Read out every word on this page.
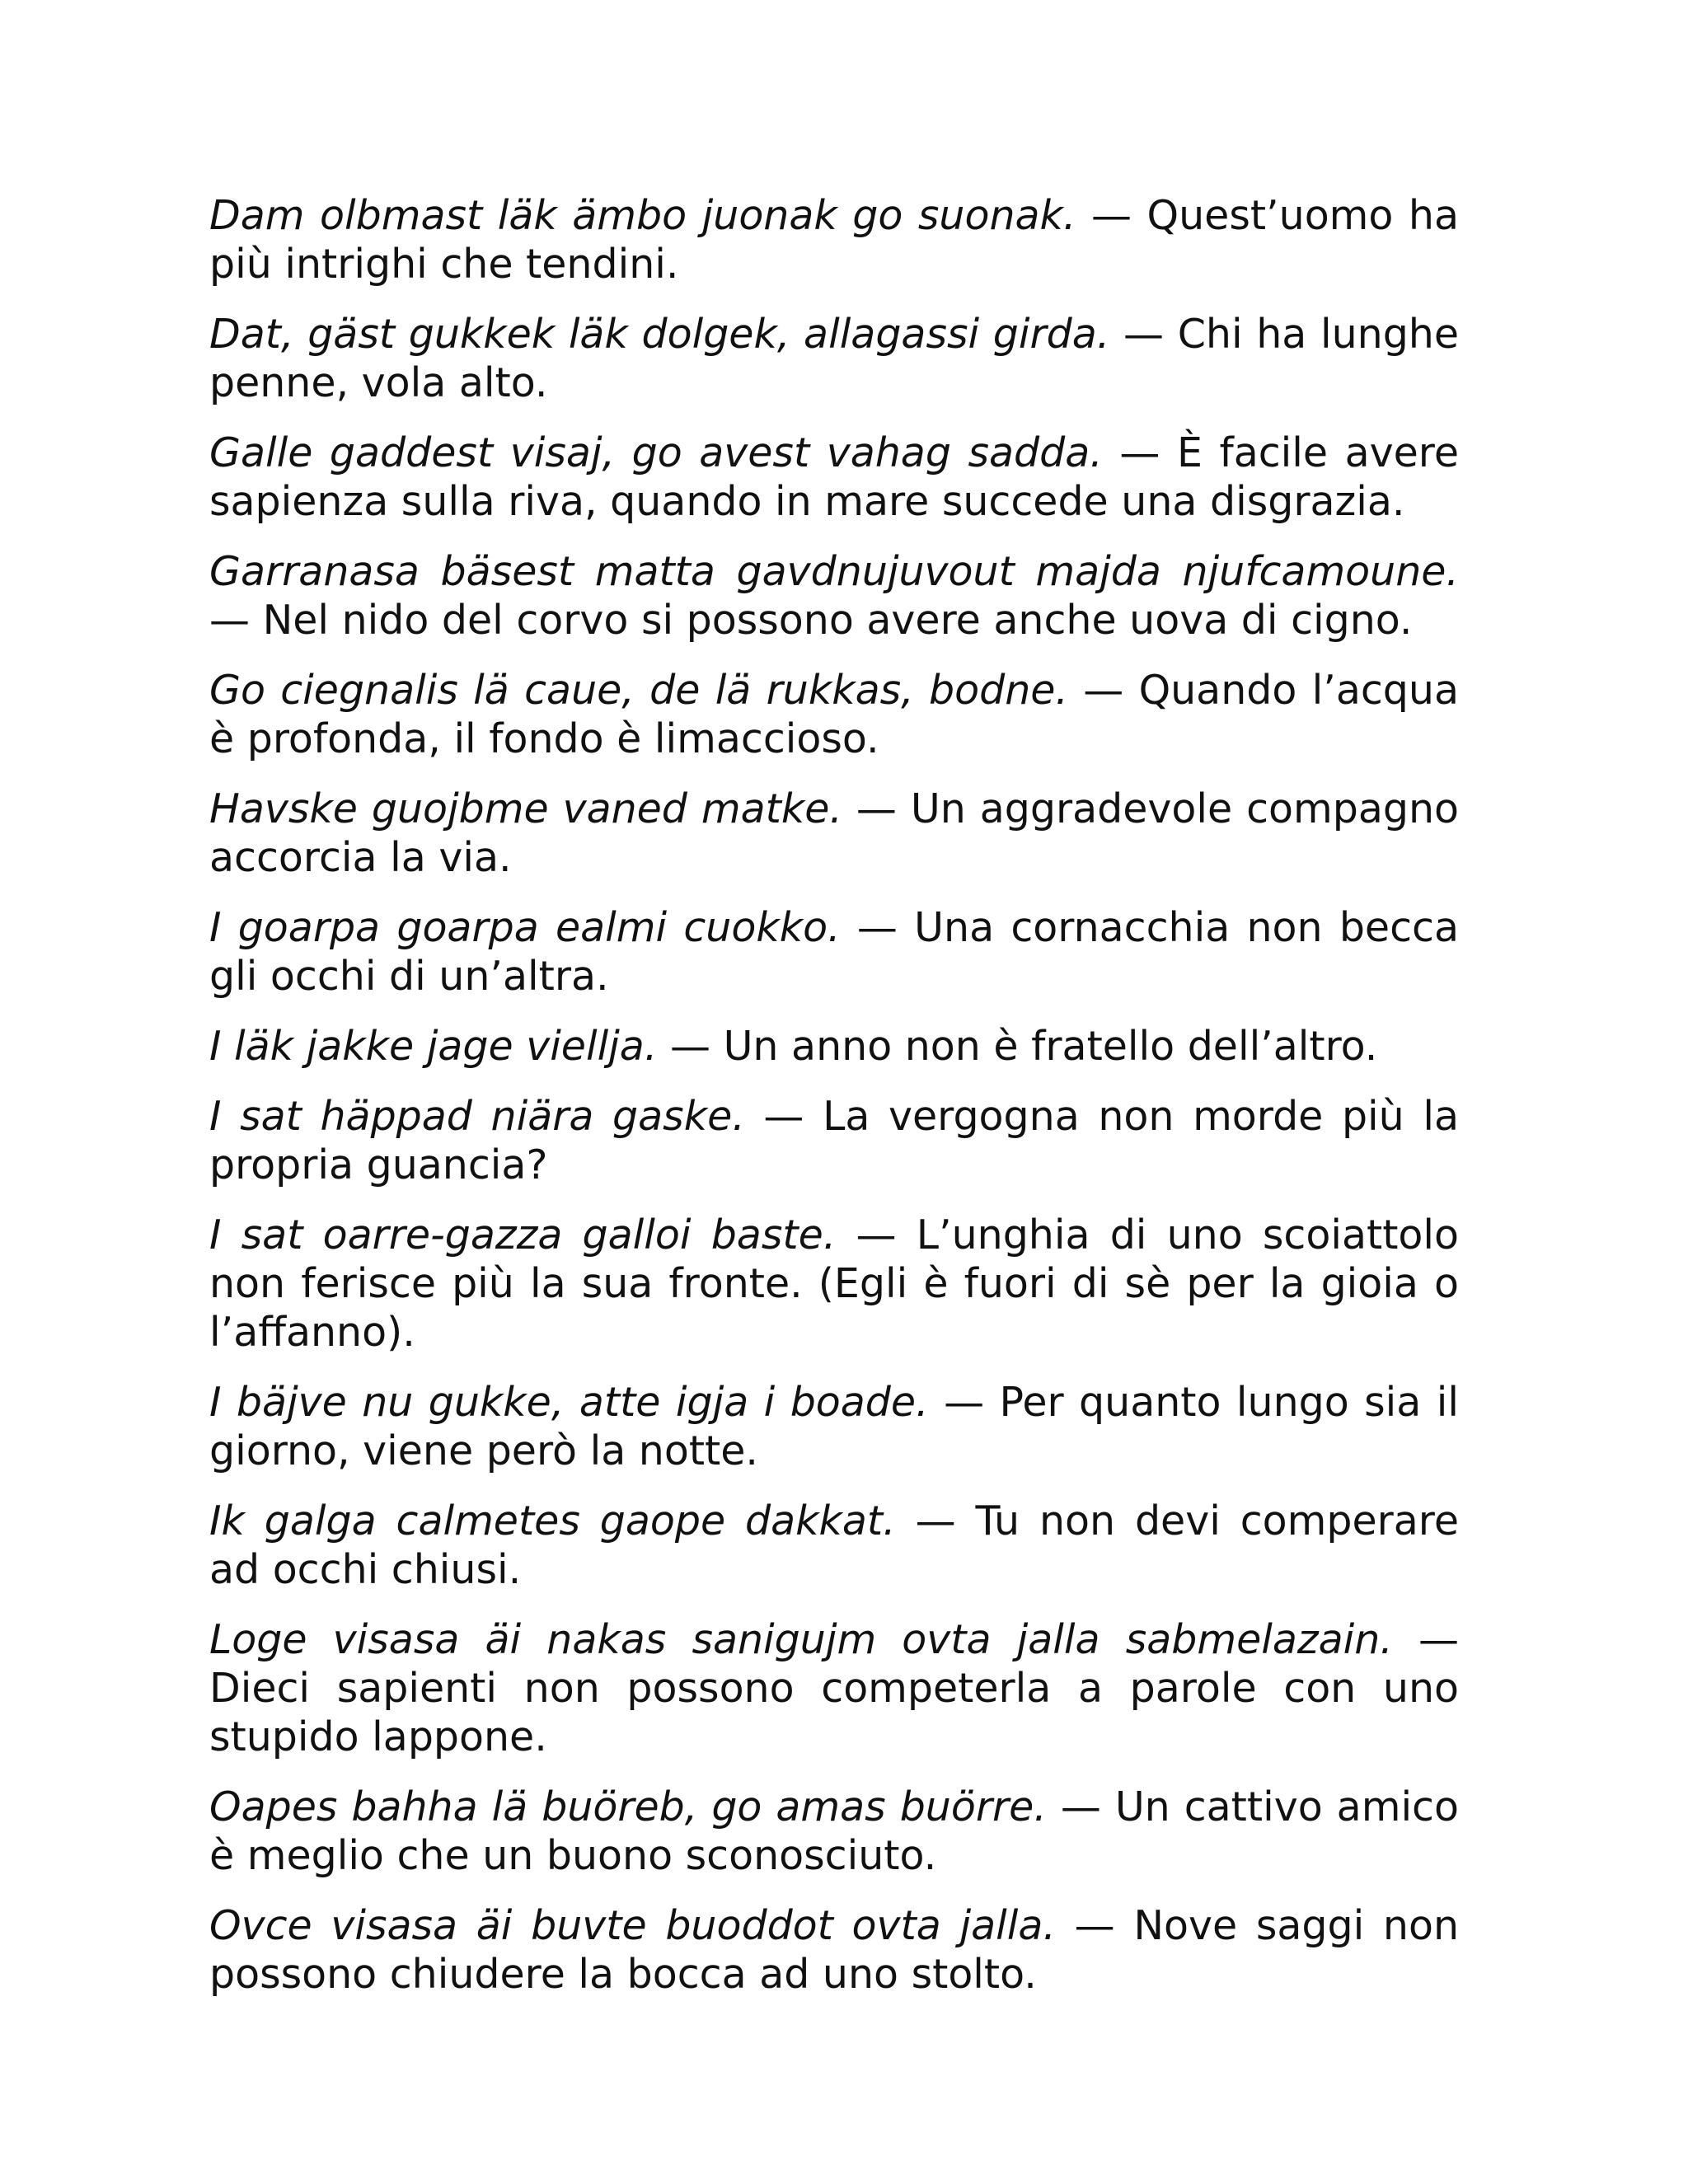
Dam olbmast läk ämbo juonak go suonak. — Quest’uomo ha più intrighi che tendini.

Dat, gäst gukkek läk dolgek, allagassi girda. — Chi ha lunghe penne, vola alto.

Galle gaddest visaj, go avest vahag sadda. — È facile avere sapienza sulla riva, quando in mare succede una disgrazia.

Garranasa bäsest matta gavdnujuvout majda njufcamoune. — Nel nido del corvo si possono avere anche uova di cigno.

Go ciegnalis lä caue, de lä rukkas, bodne. — Quando l’acqua è profonda, il fondo è limaccioso.

Havske guojbme vaned matke. — Un aggradevole compagno accorcia la via.

I goarpa goarpa ealmi cuokko. — Una cornacchia non becca gli occhi di un’altra.

I läk jakke jage vielljа. — Un anno non è fratello dell’altro.

I sat häppad niära gaske. — La vergogna non morde più la propria guancia?

I sat oarre-gazza galloi baste. — L’unghia di uno scoiattolo non ferisce più la sua fronte. (Egli è fuori di sè per la gioia o l’affanno).

I bäjve nu gukke, atte igja i boade. — Per quanto lungo sia il giorno, viene però la notte.

Ik galga calmetes gaope dakkat. — Tu non devi comperare ad occhi chiusi.

Loge visasa äi nakas sanigujm ovta jalla sabmelazain. — Dieci sapienti non possono competerla a parole con uno stupido lappone.

Oapes bahha lä buöreb, go amas buörre. — Un cattivo amico è meglio che un buono sconosciuto.

Ovce visasa äi buvte buoddot ovta jalla. — Nove saggi non possono chiudere la bocca ad uno stolto.
